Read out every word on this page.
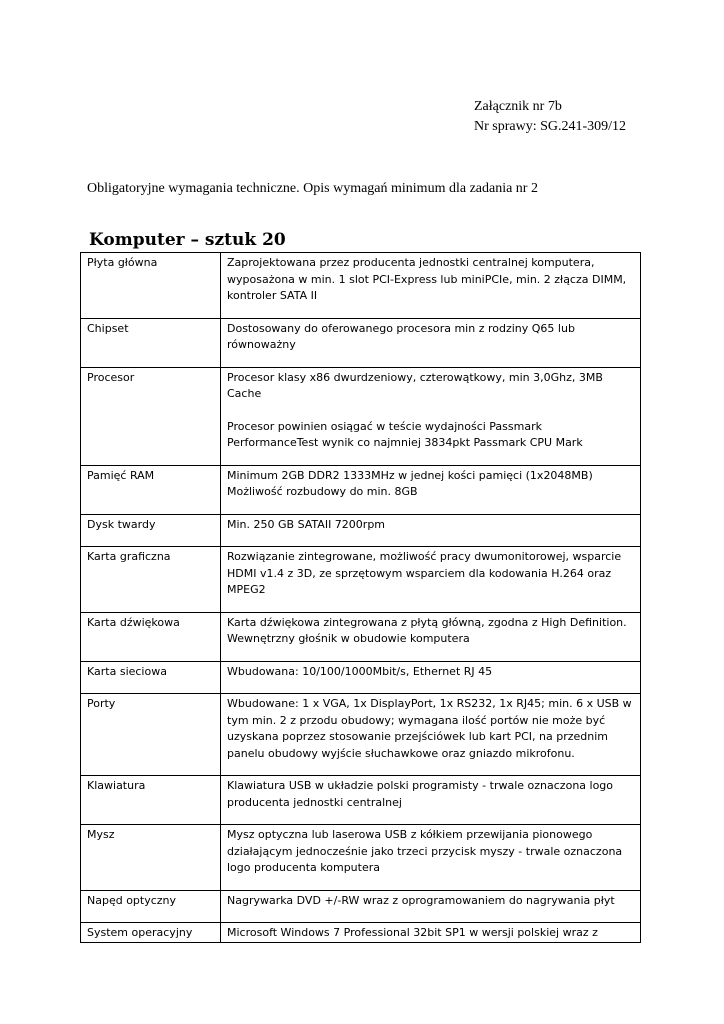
Załącznik nr 7b
Nr sprawy: SG.241-309/12
Obligatoryjne wymagania techniczne. Opis wymagań minimum dla zadania nr 2
Komputer – sztuk 20
Płyta główna	Zaprojektowana przez producenta jednostki centralnej komputera, wyposażona w min. 1 slot PCI-Express lub miniPCIe, min. 2 złącza DIMM, kontroler SATA II
Chipset	Dostosowany do oferowanego procesora min z rodziny Q65 lub równoważny
Procesor	Procesor klasy x86 dwurdzeniowy, czterowątkowy, min 3,0Ghz, 3MB Cache
Procesor powinien osiągać w teście wydajności Passmark PerformanceTest wynik co najmniej 3834pkt Passmark CPU Mark

Pamięć RAM	Minimum 2GB DDR2 1333MHz w jednej kości pamięci (1x2048MB) Możliwość rozbudowy do min. 8GB
Dysk twardy	Min. 250 GB SATAII 7200rpm
Karta graficzna	Rozwiązanie zintegrowane, możliwość pracy dwumonitorowej, wsparcie HDMI v1.4 z 3D, ze sprzętowym wsparciem dla kodowania H.264 oraz MPEG2
Karta dźwiękowa	Karta dźwiękowa zintegrowana z płytą główną, zgodna z High Definition. Wewnętrzny głośnik w obudowie komputera
Karta sieciowa	Wbudowana: 10/100/1000Mbit/s, Ethernet RJ 45
Porty	Wbudowane: 1 x VGA, 1x DisplayPort, 1x RS232, 1x RJ45; min. 6 x USB w tym min. 2 z przodu obudowy; wymagana ilość portów nie może być uzyskana poprzez stosowanie przejściówek lub kart PCI, na przednim panelu obudowy wyjście słuchawkowe oraz gniazdo mikrofonu.
Klawiatura	Klawiatura USB w układzie polski programisty - trwale oznaczona logo producenta jednostki centralnej
Mysz	Mysz optyczna lub laserowa USB z kółkiem przewijania pionowego działającym jednocześnie jako trzeci przycisk myszy - trwale oznaczona logo producenta komputera
Napęd optyczny	Nagrywarka DVD +/-RW wraz z oprogramowaniem do nagrywania płyt
System operacyjny	Microsoft Windows 7 Professional 32bit SP1 w wersji polskiej wraz z
